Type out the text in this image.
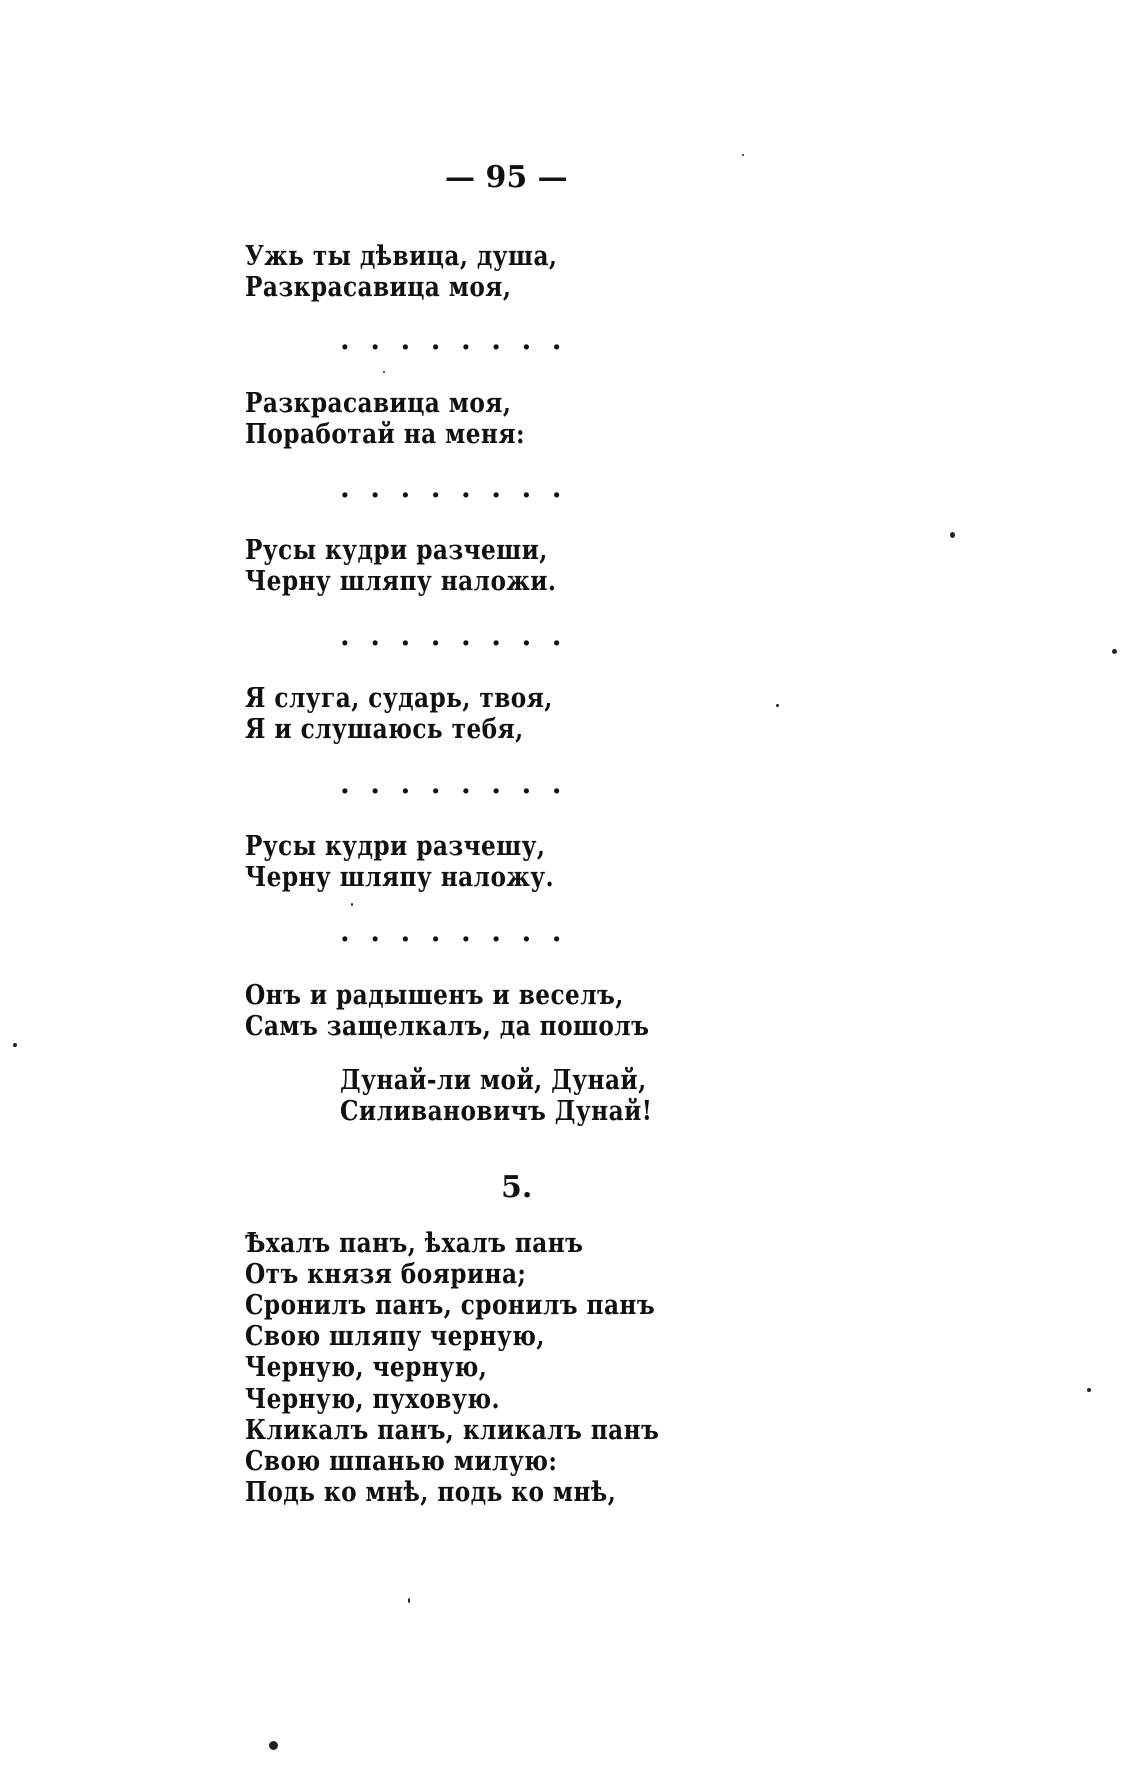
— 95 —
Ужь ты дѣвица, душа,
Разкрасавица моя,
........
Разкрасавица моя,
Поработай на меня:
........
Русы кудри разчеши,
Черну шляпу наложи.
........
Я слуга, сударь, твоя,
Я и слушаюсь тебя,
........
Русы кудри разчешу,
Черну шляпу наложу.
........
Онъ и радышенъ и веселъ,
Самъ защелкалъ, да пошолъ
Дунай-ли мой, Дунай,
Силивановичъ Дунай!
5.
Ѣхалъ панъ, ѣхалъ панъ
Отъ князя боярина;
Сронилъ панъ, сронилъ панъ
Свою шляпу черную,
Черную, черную,
Черную, пуховую.
Кликалъ панъ, кликалъ панъ
Свою шпанью милую:
Подь ко мнѣ, подь ко мнѣ,
